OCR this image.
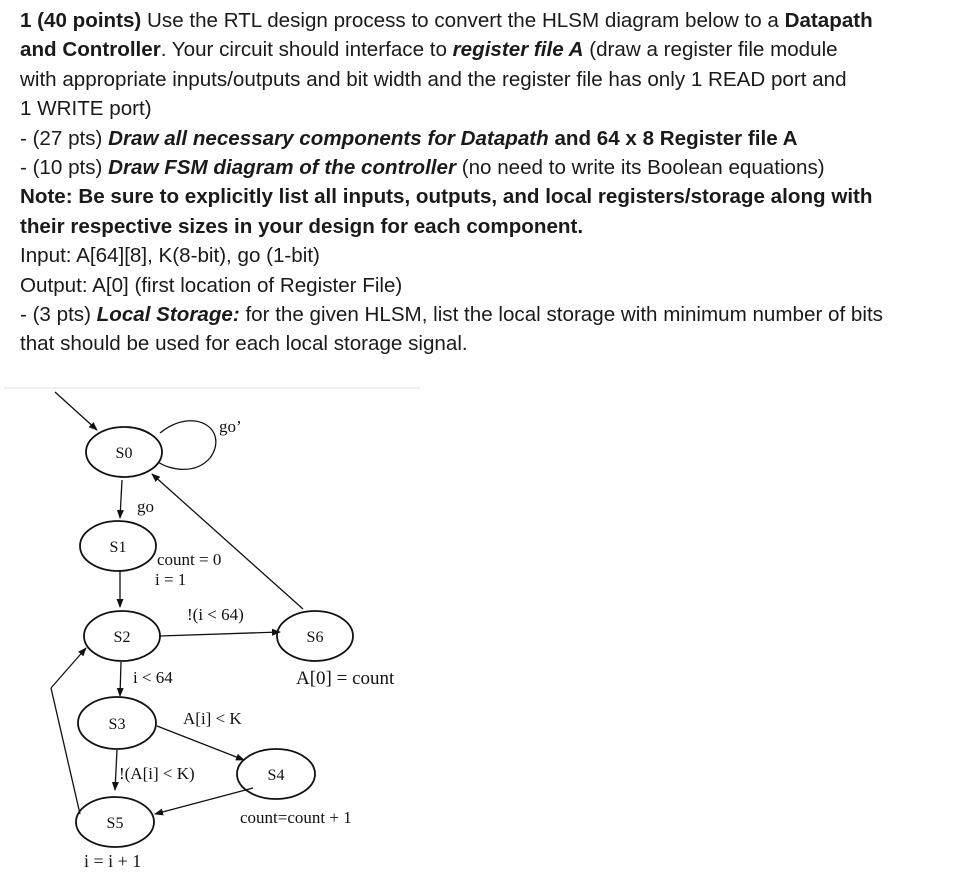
1 (40 points) Use the RTL design process to convert the HLSM diagram below to a Datapath

and Controller. Your circuit should interface to register file A (draw a register file module

with appropriate inputs/outputs and bit width and the register file has only 1 READ port and

1 WRITE port)

- (27 pts) Draw all necessary components for Datapath and 64 x 8 Register file A

- (10 pts) Draw FSM diagram of the controller (no need to write its Boolean equations)

Note: Be sure to explicitly list all inputs, outputs, and local registers/storage along with

their respective sizes in your design for each component.

Input: A[64][8], K(8-bit), go (1-bit)

Output: A[0] (first location of Register File)

- (3 pts) Local Storage: for the given HLSM, list the local storage with minimum number of bits

that should be used for each local storage signal.

S0
S1
S2
S3
S4
S5
S6
go’
go
count = 0
i = 1
!(i < 64)
A[0] = count
i < 64
A[i] < K
!(A[i] < K)
count=count + 1
i = i + 1
